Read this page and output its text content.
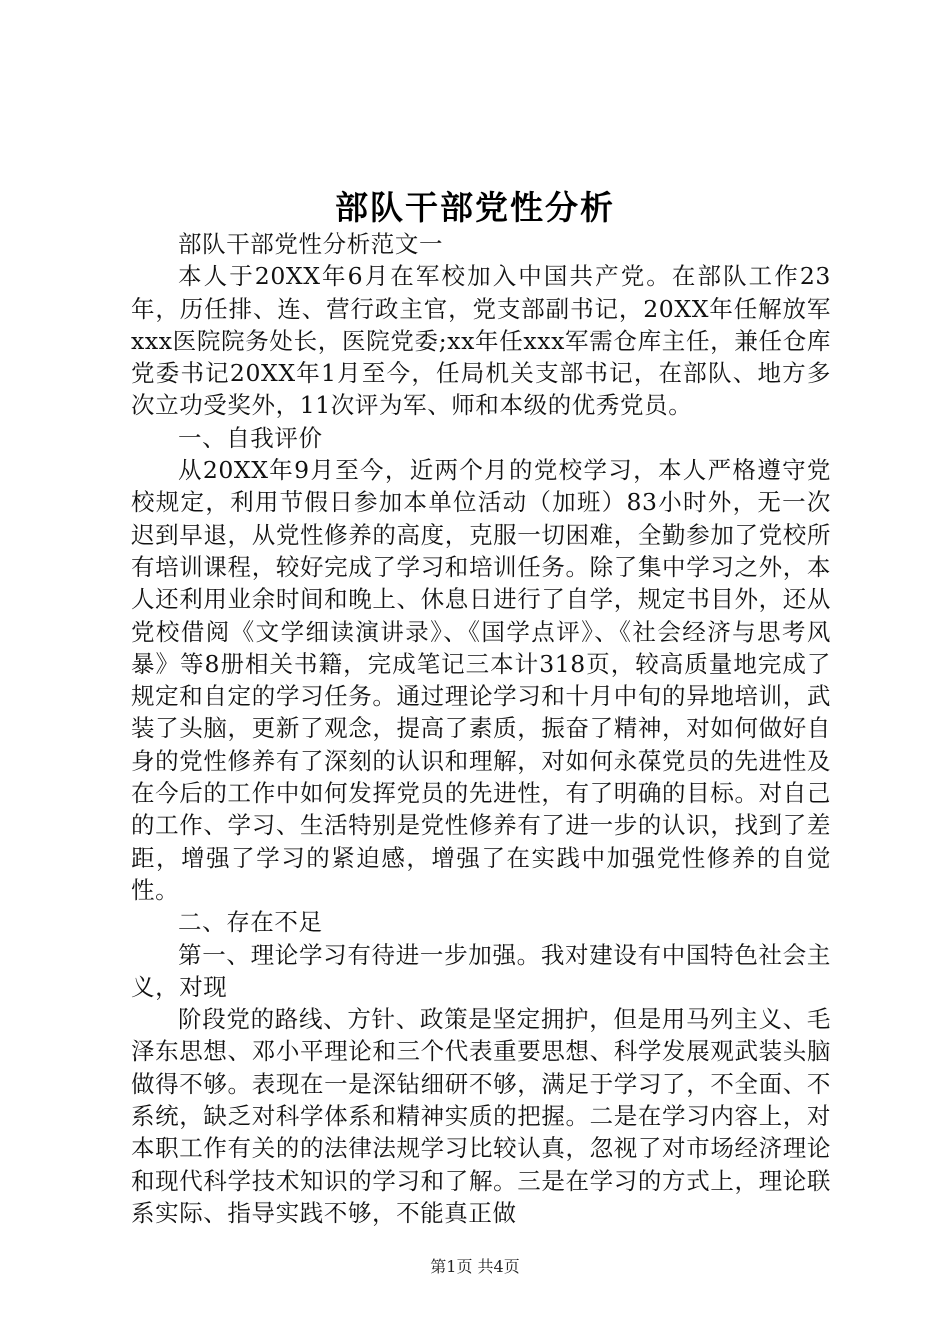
部队干部党性分析

部队干部党性分析范文一

本人于20XX年6月在军校加入中国共产党。在部队工作23年，历任排、连、营行政主官，党支部副书记，20XX年任解放军xxx医院院务处长，医院党委;xx年任xxx军需仓库主任，兼任仓库党委书记20XX年1月至今，任局机关支部书记，在部队、地方多次立功受奖外，11次评为军、师和本级的优秀党员。

一、自我评价

从20XX年9月至今，近两个月的党校学习，本人严格遵守党校规定，利用节假日参加本单位活动（加班）83小时外，无一次迟到早退，从党性修养的高度，克服一切困难，全勤参加了党校所有培训课程，较好完成了学习和培训任务。除了集中学习之外，本人还利用业余时间和晚上、休息日进行了自学，规定书目外，还从党校借阅《文学细读演讲录》、《国学点评》、《社会经济与思考风暴》等8册相关书籍，完成笔记三本计318页，较高质量地完成了规定和自定的学习任务。通过理论学习和十月中旬的异地培训，武装了头脑，更新了观念，提高了素质，振奋了精神，对如何做好自身的党性修养有了深刻的认识和理解，对如何永葆党员的先进性及在今后的工作中如何发挥党员的先进性，有了明确的目标。对自己的工作、学习、生活特别是党性修养有了进一步的认识，找到了差距，增强了学习的紧迫感，增强了在实践中加强党性修养的自觉性。

二、存在不足

第一、理论学习有待进一步加强。我对建设有中国特色社会主义，对现

阶段党的路线、方针、政策是坚定拥护，但是用马列主义、毛泽东思想、邓小平理论和三个代表重要思想、科学发展观武装头脑做得不够。表现在一是深钻细研不够，满足于学习了，不全面、不系统，缺乏对科学体系和精神实质的把握。二是在学习内容上，对本职工作有关的的法律法规学习比较认真，忽视了对市场经济理论和现代科学技术知识的学习和了解。三是在学习的方式上，理论联系实际、指导实践不够，不能真正做

第1页 共4页
